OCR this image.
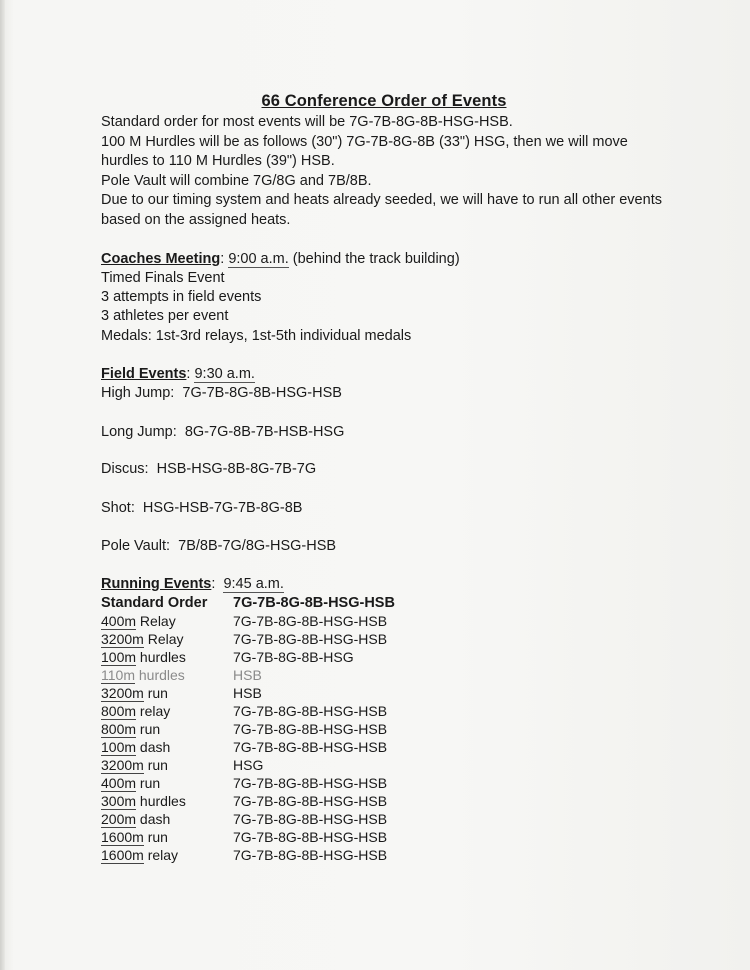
66 Conference Order of Events
Standard order for most events will be 7G-7B-8G-8B-HSG-HSB.
100 M Hurdles will be as follows (30") 7G-7B-8G-8B (33") HSG, then we will move
hurdles to 110 M Hurdles (39") HSB.
Pole Vault will combine 7G/8G and 7B/8B.
Due to our timing system and heats already seeded, we will have to run all other events
based on the assigned heats.
Coaches Meeting: 9:00 a.m. (behind the track building)
Timed Finals Event
3 attempts in field events
3 athletes per event
Medals: 1st-3rd relays, 1st-5th individual medals
Field Events: 9:30 a.m.
High Jump: 7G-7B-8G-8B-HSG-HSB
Long Jump: 8G-7G-8B-7B-HSB-HSG
Discus: HSB-HSG-8B-8G-7B-7G
Shot: HSG-HSB-7G-7B-8G-8B
Pole Vault: 7B/8B-7G/8G-HSG-HSB
Running Events:  9:45 a.m.
Standard Order 7G-7B-8G-8B-HSG-HSB
400m Relay	7G-7B-8G-8B-HSG-HSB
3200m Relay	7G-7B-8G-8B-HSG-HSB
100m hurdles	7G-7B-8G-8B-HSG
110m hurdles	HSB
3200m run	HSB
800m relay	7G-7B-8G-8B-HSG-HSB
800m run	7G-7B-8G-8B-HSG-HSB
100m dash	7G-7B-8G-8B-HSG-HSB
3200m run	HSG
400m run	7G-7B-8G-8B-HSG-HSB
300m hurdles	7G-7B-8G-8B-HSG-HSB
200m dash	7G-7B-8G-8B-HSG-HSB
1600m run	7G-7B-8G-8B-HSG-HSB
1600m relay	7G-7B-8G-8B-HSG-HSB
